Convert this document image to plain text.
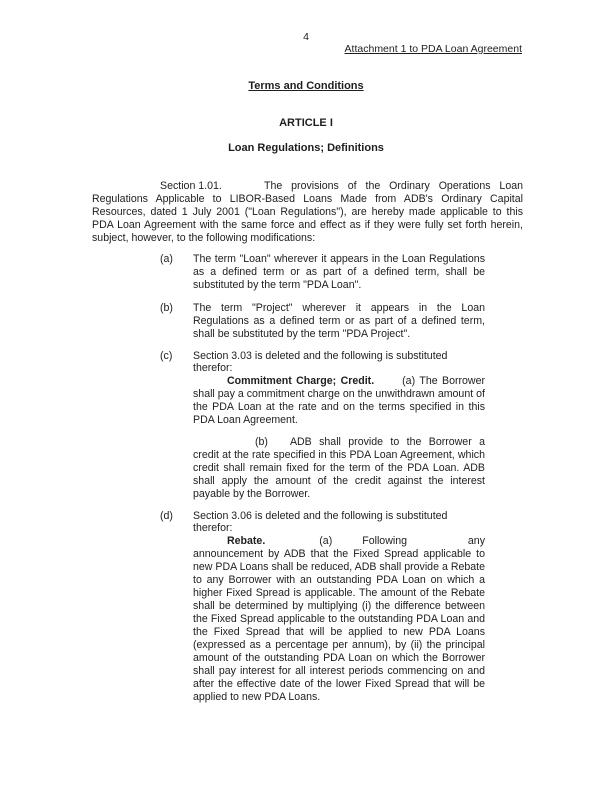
4
Attachment 1 to PDA Loan Agreement
Terms and Conditions
ARTICLE I
Loan Regulations; Definitions
Section 1.01.	The provisions of the Ordinary Operations Loan Regulations Applicable to LIBOR-Based Loans Made from ADB's Ordinary Capital Resources, dated 1 July 2001 ("Loan Regulations"), are hereby made applicable to this PDA Loan Agreement with the same force and effect as if they were fully set forth herein, subject, however, to the following modifications:
(a) The term "Loan" wherever it appears in the Loan Regulations as a defined term or as part of a defined term, shall be substituted by the term "PDA Loan".
(b) The term "Project" wherever it appears in the Loan Regulations as a defined term or as part of a defined term, shall be substituted by the term "PDA Project".
(c) Section 3.03 is deleted and the following is substituted therefor:
Commitment Charge; Credit.	(a) The Borrower shall pay a commitment charge on the unwithdrawn amount of the PDA Loan at the rate and on the terms specified in this PDA Loan Agreement.
(b) ADB shall provide to the Borrower a credit at the rate specified in this PDA Loan Agreement, which credit shall remain fixed for the term of the PDA Loan. ADB shall apply the amount of the credit against the interest payable by the Borrower.
(d) Section 3.06 is deleted and the following is substituted therefor:
Rebate.	(a)	Following any announcement by ADB that the Fixed Spread applicable to new PDA Loans shall be reduced, ADB shall provide a Rebate to any Borrower with an outstanding PDA Loan on which a higher Fixed Spread is applicable. The amount of the Rebate shall be determined by multiplying (i) the difference between the Fixed Spread applicable to the outstanding PDA Loan and the Fixed Spread that will be applied to new PDA Loans (expressed as a percentage per annum), by (ii) the principal amount of the outstanding PDA Loan on which the Borrower shall pay interest for all interest periods commencing on and after the effective date of the lower Fixed Spread that will be applied to new PDA Loans.
